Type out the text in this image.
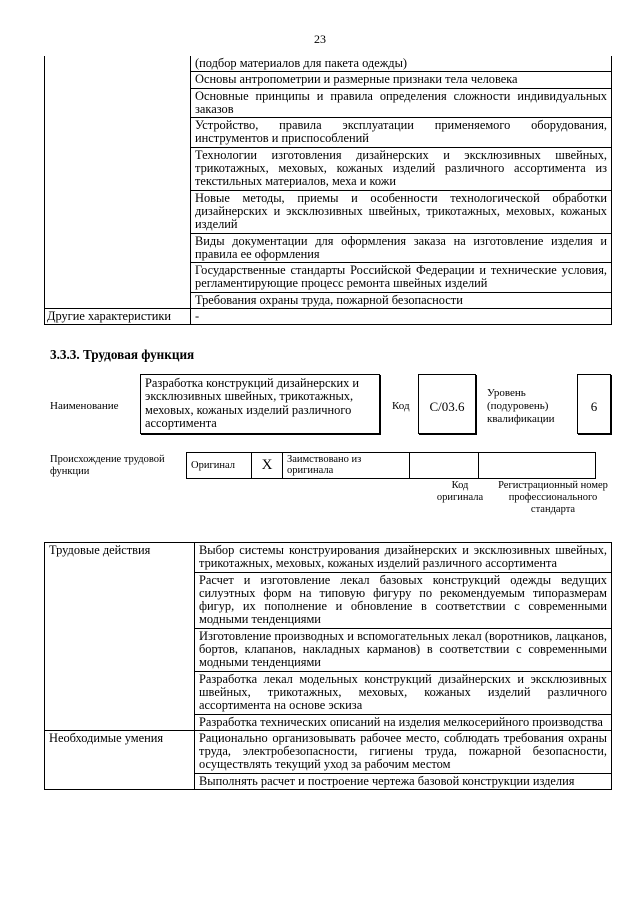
23
	(подбор материалов для пакета одежды)
	Основы антропометрии и размерные признаки тела человека
	Основные принципы и правила определения сложности индивидуальных заказов
	Устройство, правила эксплуатации применяемого оборудования, инструментов и приспособлений
	Технологии изготовления дизайнерских и эксклюзивных швейных, трикотажных, меховых, кожаных изделий различного ассортимента из текстильных материалов, меха и кожи
	Новые методы, приемы и особенности технологической обработки дизайнерских и эксклюзивных швейных, трикотажных, меховых, кожаных изделий
	Виды документации для оформления заказа на изготовление изделия и правила ее оформления
	Государственные стандарты Российской Федерации и технические условия, регламентирующие процесс ремонта швейных изделий
	Требования охраны труда, пожарной безопасности
Другие характеристики	-
3.3.3. Трудовая функция
Наименование
Разработка конструкций дизайнерских и эксклюзивных швейных, трикотажных, меховых, кожаных изделий различного ассортимента
Код	С/03.6
Уровень
(подуровень)
квалификации
6
Происхождение трудовой функции
Оригинал	X	Заимствовано из оригинала		
Код оригинала
Регистрационный номер профессионального стандарта
Трудовые действия	Выбор системы конструирования дизайнерских и эксклюзивных швейных, трикотажных, меховых, кожаных изделий различного ассортимента
	Расчет и изготовление лекал базовых конструкций одежды ведущих силуэтных форм на типовую фигуру по рекомендуемым типоразмерам фигур, их пополнение и обновление в соответствии с современными модными тенденциями
	Изготовление производных и вспомогательных лекал (воротников, лацканов, бортов, клапанов, накладных карманов) в соответствии с современными модными тенденциями
	Разработка лекал модельных конструкций дизайнерских и эксклюзивных швейных, трикотажных, меховых, кожаных изделий различного ассортимента на основе эскиза
	Разработка технических описаний на изделия мелкосерийного производства
Необходимые умения	Рационально организовывать рабочее место, соблюдать требования охраны труда, электробезопасности, гигиены труда, пожарной безопасности, осуществлять текущий уход за рабочим местом
	Выполнять расчет и построение чертежа базовой конструкции изделия
